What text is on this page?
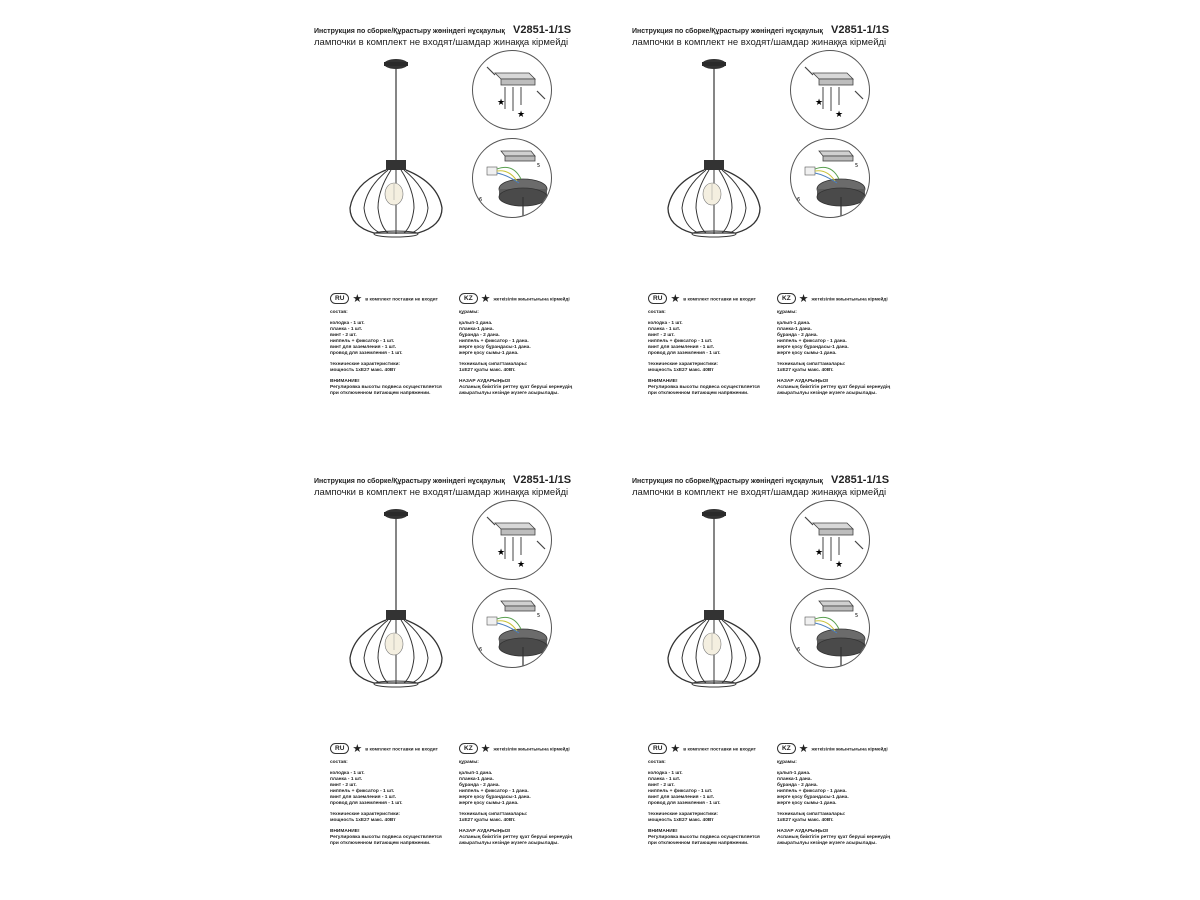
Инструкция по сборке/Құрастыру жөніндегі нұсқаулық V2851-1/1S
лампочки в комплект не входят/шамдар жинаққа кірмейді
★
★
6
5
RU ★ в комплект поставки не входит
состав:
колодка - 1 шт.
планка - 1 шт.
винт - 2 шт.
ниппель + фиксатор - 1 шт.
винт для заземления - 1 шт.
провод для заземления - 1 шт.
технические характеристики:
мощность 1хЕ27 макс. 40Вт
ВНИМАНИЕ!
Регулировка высоты подвеса осуществляется
при отключенном питающем напряжении.
KZ ★ жеткізілім жиынтығына кірмейді
құрамы:
қалып-1 дана.
планка-1 дана.
бұранда - 2 дана.
ниппель + фиксатор - 1 дана.
жерге қосу бұрандасы-1 дана.
жерге қосу сымы-1 дана.
техникалық сипаттамалары:
1хЕ27 қуаты макс. 40Вт.
НАЗАР АУДАРЫҢЫЗ!
Аспаның биіктігін реттеу қуат беруші кернеудің
ажыратылуы кезінде жүзеге асырылады.
Инструкция по сборке/Құрастыру жөніндегі нұсқаулық V2851-1/1S
лампочки в комплект не входят/шамдар жинаққа кірмейді
★
★
6
5
RU ★ в комплект поставки не входит
состав:
колодка - 1 шт.
планка - 1 шт.
винт - 2 шт.
ниппель + фиксатор - 1 шт.
винт для заземления - 1 шт.
провод для заземления - 1 шт.
технические характеристики:
мощность 1хЕ27 макс. 40Вт
ВНИМАНИЕ!
Регулировка высоты подвеса осуществляется
при отключенном питающем напряжении.
KZ ★ жеткізілім жиынтығына кірмейді
құрамы:
қалып-1 дана.
планка-1 дана.
бұранда - 2 дана.
ниппель + фиксатор - 1 дана.
жерге қосу бұрандасы-1 дана.
жерге қосу сымы-1 дана.
техникалық сипаттамалары:
1хЕ27 қуаты макс. 40Вт.
НАЗАР АУДАРЫҢЫЗ!
Аспаның биіктігін реттеу қуат беруші кернеудің
ажыратылуы кезінде жүзеге асырылады.
Инструкция по сборке/Құрастыру жөніндегі нұсқаулық V2851-1/1S
лампочки в комплект не входят/шамдар жинаққа кірмейді
★
★
6
5
RU ★ в комплект поставки не входит
состав:
колодка - 1 шт.
планка - 1 шт.
винт - 2 шт.
ниппель + фиксатор - 1 шт.
винт для заземления - 1 шт.
провод для заземления - 1 шт.
технические характеристики:
мощность 1хЕ27 макс. 40Вт
ВНИМАНИЕ!
Регулировка высоты подвеса осуществляется
при отключенном питающем напряжении.
KZ ★ жеткізілім жиынтығына кірмейді
құрамы:
қалып-1 дана.
планка-1 дана.
бұранда - 2 дана.
ниппель + фиксатор - 1 дана.
жерге қосу бұрандасы-1 дана.
жерге қосу сымы-1 дана.
техникалық сипаттамалары:
1хЕ27 қуаты макс. 40Вт.
НАЗАР АУДАРЫҢЫЗ!
Аспаның биіктігін реттеу қуат беруші кернеудің
ажыратылуы кезінде жүзеге асырылады.
Инструкция по сборке/Құрастыру жөніндегі нұсқаулық V2851-1/1S
лампочки в комплект не входят/шамдар жинаққа кірмейді
★
★
6
5
RU ★ в комплект поставки не входит
состав:
колодка - 1 шт.
планка - 1 шт.
винт - 2 шт.
ниппель + фиксатор - 1 шт.
винт для заземления - 1 шт.
провод для заземления - 1 шт.
технические характеристики:
мощность 1хЕ27 макс. 40Вт
ВНИМАНИЕ!
Регулировка высоты подвеса осуществляется
при отключенном питающем напряжении.
KZ ★ жеткізілім жиынтығына кірмейді
құрамы:
қалып-1 дана.
планка-1 дана.
бұранда - 2 дана.
ниппель + фиксатор - 1 дана.
жерге қосу бұрандасы-1 дана.
жерге қосу сымы-1 дана.
техникалық сипаттамалары:
1хЕ27 қуаты макс. 40Вт.
НАЗАР АУДАРЫҢЫЗ!
Аспаның биіктігін реттеу қуат беруші кернеудің
ажыратылуы кезінде жүзеге асырылады.
